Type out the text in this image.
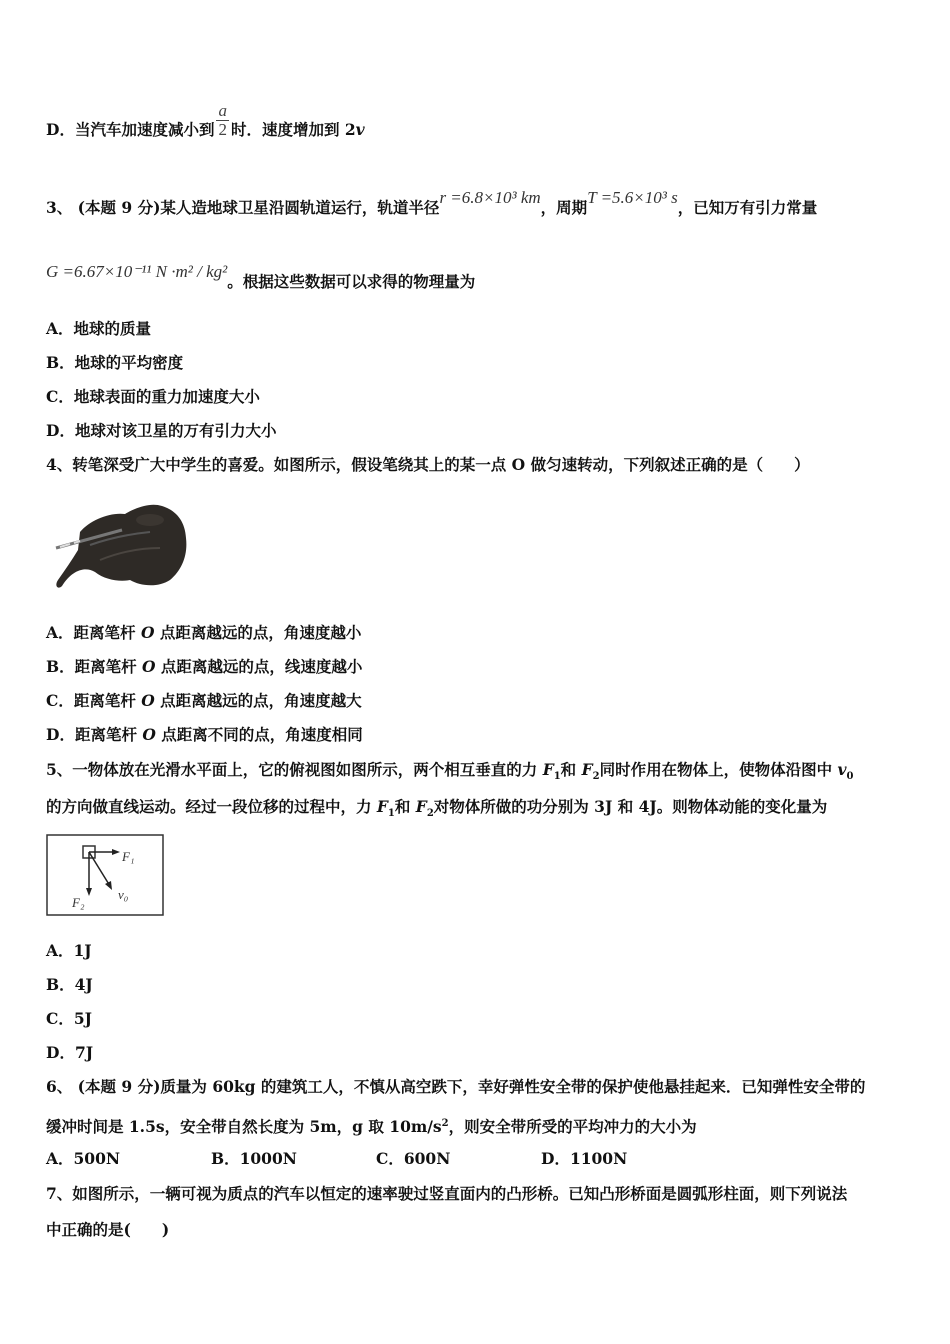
D．当汽车加速度减小到 $\frac{a}{2}$ 时．速度增加到 2v
3、 (本题 9 分)某人造地球卫星沿圆轨道运行，轨道半径r =6.8×10³ km，周期T =5.6×10³ s，已知万有引力常量
G =6.67×10⁻¹¹ N ·m² / kg²。根据这些数据可以求得的物理量为
A．地球的质量
B．地球的平均密度
C．地球表面的重力加速度大小
D．地球对该卫星的万有引力大小
4、转笔深受广大中学生的喜爱。如图所示，假设笔绕其上的某一点 O 做匀速转动，下列叙述正确的是（　　）
A．距离笔杆 O 点距离越远的点，角速度越小
B．距离笔杆 O 点距离越远的点，线速度越小
C．距离笔杆 O 点距离越远的点，角速度越大
D．距离笔杆 O 点距离不同的点，角速度相同
5、一物体放在光滑水平面上，它的俯视图如图所示，两个相互垂直的力 $F_1$和 $F_2$同时作用在物体上，使物体沿图中 $v_0$
的方向做直线运动。经过一段位移的过程中，力 $F_1$和 $F_2$对物体所做的功分别为 3J 和 4J。则物体动能的变化量为
F₁
F₂
v₀
A．1J
B．4J
C．5J
D．7J
6、 (本题 9 分)质量为 60kg 的建筑工人，不慎从高空跌下，幸好弹性安全带的保护使他悬挂起来．已知弹性安全带的
缓冲时间是 1.5s，安全带自然长度为 5m，g 取 $10m/s^2$，则安全带所受的平均冲力的大小为
A．500N	B．1000N	C．600N	D．1100N
7、如图所示，一辆可视为质点的汽车以恒定的速率驶过竖直面内的凸形桥。已知凸形桥面是圆弧形柱面，则下列说法
中正确的是(　　)
